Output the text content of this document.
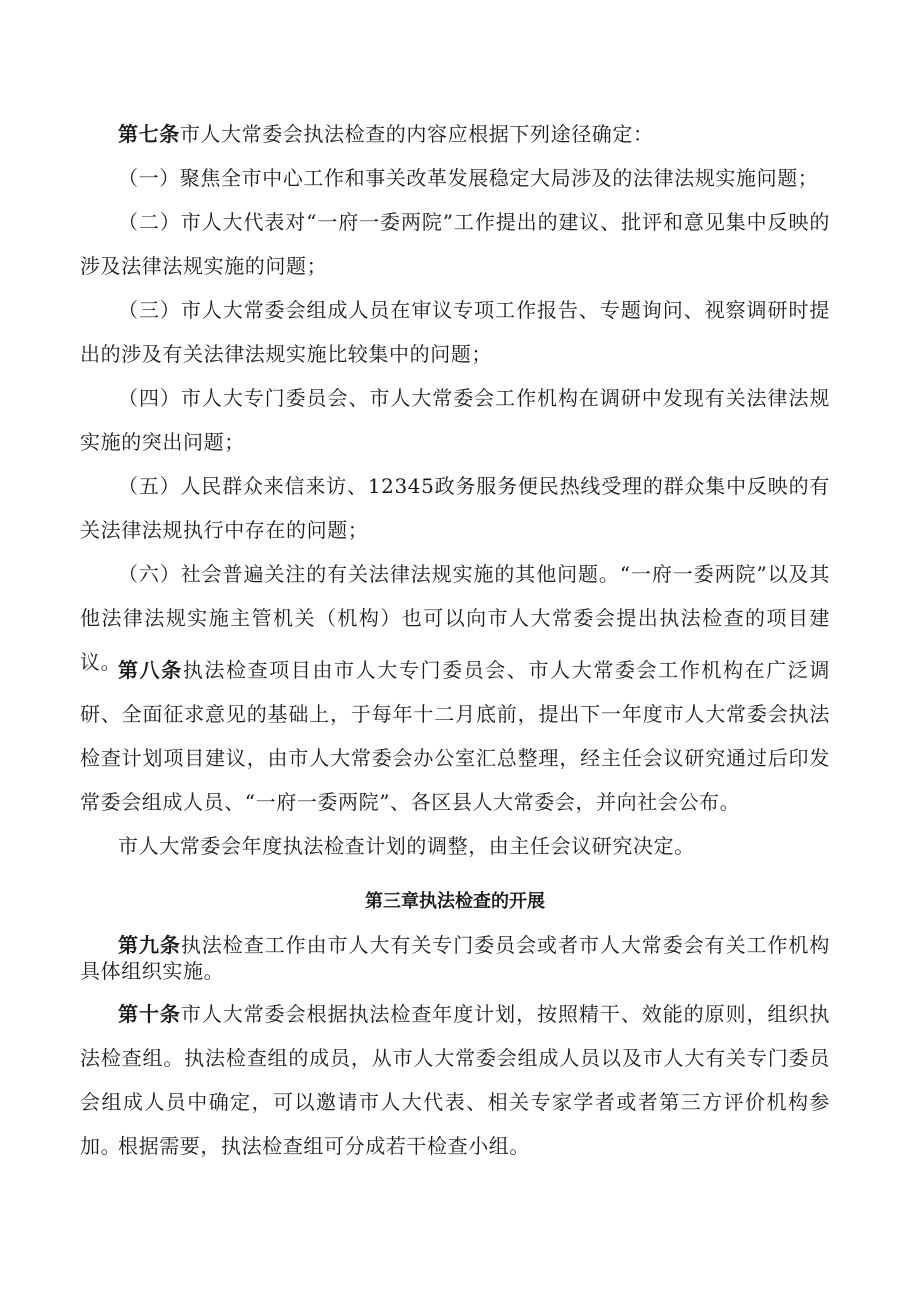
第七条市人大常委会执法检查的内容应根据下列途径确定：

（一）聚焦全市中心工作和事关改革发展稳定大局涉及的法律法规实施问题；

（二）市人大代表对“一府一委两院”工作提出的建议、批评和意见集中反映的涉及法律法规实施的问题；

（三）市人大常委会组成人员在审议专项工作报告、专题询问、视察调研时提出的涉及有关法律法规实施比较集中的问题；

（四）市人大专门委员会、市人大常委会工作机构在调研中发现有关法律法规实施的突出问题；

（五）人民群众来信来访、12345政务服务便民热线受理的群众集中反映的有关法律法规执行中存在的问题；

（六）社会普遍关注的有关法律法规实施的其他问题。“一府一委两院”以及其他法律法规实施主管机关（机构）也可以向市人大常委会提出执法检查的项目建议。

第八条执法检查项目由市人大专门委员会、市人大常委会工作机构在广泛调研、全面征求意见的基础上，于每年十二月底前，提出下一年度市人大常委会执法检查计划项目建议，由市人大常委会办公室汇总整理，经主任会议研究通过后印发常委会组成人员、“一府一委两院”、各区县人大常委会，并向社会公布。

市人大常委会年度执法检查计划的调整，由主任会议研究决定。

第三章执法检查的开展

第九条执法检查工作由市人大有关专门委员会或者市人大常委会有关工作机构具体组织实施。

第十条市人大常委会根据执法检查年度计划，按照精干、效能的原则，组织执法检查组。执法检查组的成员，从市人大常委会组成人员以及市人大有关专门委员会组成人员中确定，可以邀请市人大代表、相关专家学者或者第三方评价机构参加。

根据需要，执法检查组可分成若干检查小组。
